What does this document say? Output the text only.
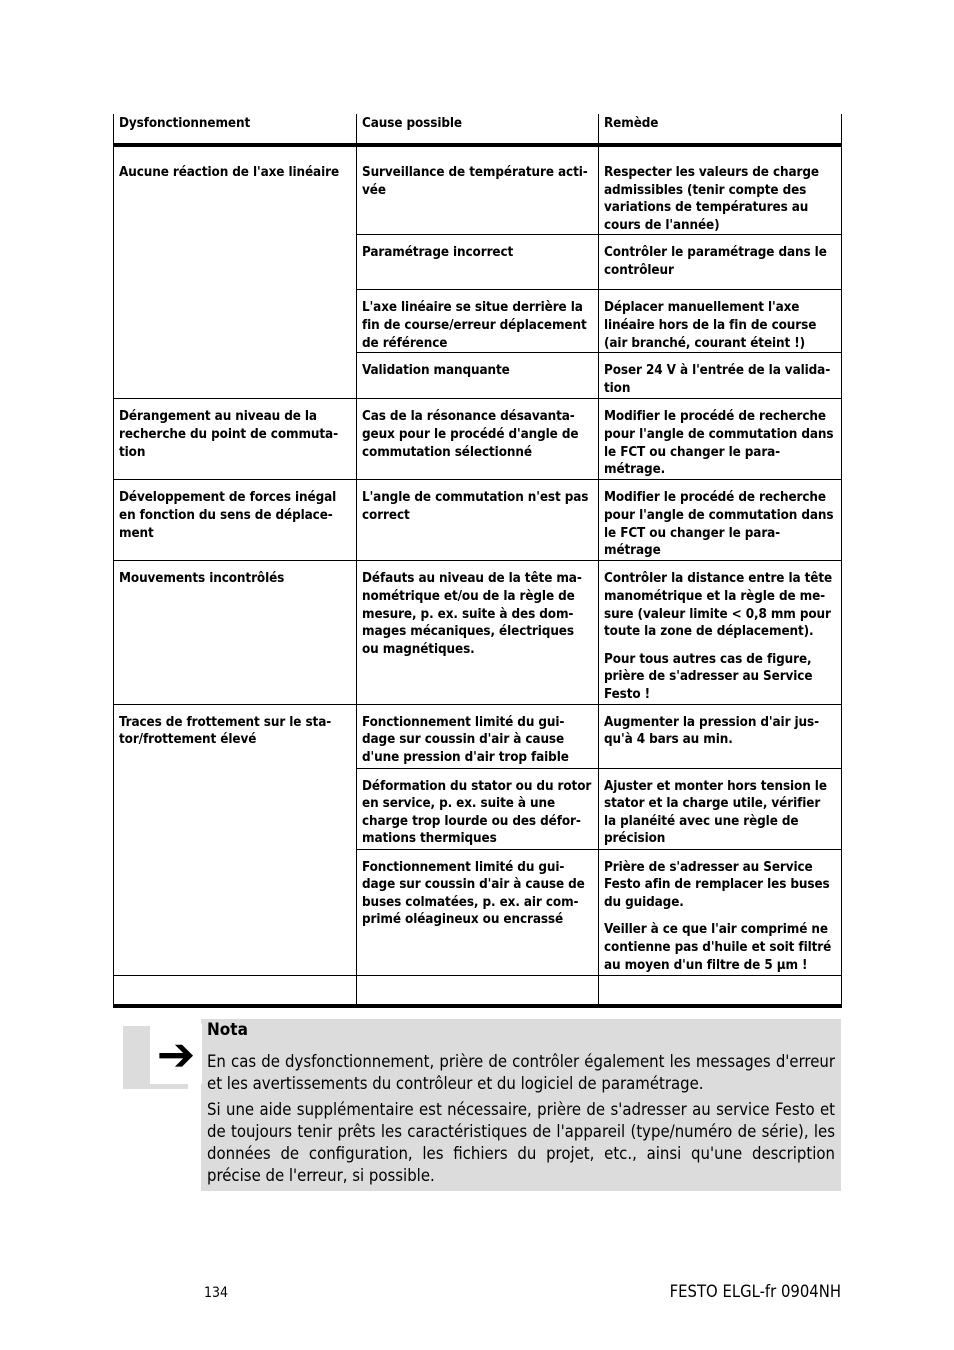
Dysfonctionnement	Cause possible	Remède
Aucune réaction de l'axe linéaire	Surveillance de température acti-vée	Respecter les valeurs de charge admissibles (tenir compte des variations de températures au cours de l'année)

	Paramétrage incorrect	Contrôler le paramétrage dans le contrôleur

	L'axe linéaire se situe derrière la fin de course/erreur déplacement de référence	Déplacer manuellement l'axe linéaire hors de la fin de course (air branché, courant éteint !)

	Validation manquante	Poser 24 V à l'entrée de la valida-tion

Dérangement au niveau de la recherche du point de commuta-tion	Cas de la résonance désavanta-geux pour le procédé d'angle de commutation sélectionné	Modifier le procédé de recherche pour l'angle de commutation dans le FCT ou changer le para-métrage.

Développement de forces inégal en fonction du sens de déplace-ment	L'angle de commutation n'est pas correct	Modifier le procédé de recherche pour l'angle de commutation dans le FCT ou changer le para-métrage

Mouvements incontrôlés	Défauts au niveau de la tête ma-nométrique et/ou de la règle de mesure, p. ex. suite à des dom-mages mécaniques, électriques ou magnétiques.	Contrôler la distance entre la tête manométrique et la règle de me-sure (valeur limite < 0,8 mm pour toute la zone de déplacement).

Pour tous autres cas de figure, prière de s'adresser au Service Festo !

Traces de frottement sur le sta-tor/frottement élevé	Fonctionnement limité du gui-dage sur coussin d'air à cause d'une pression d'air trop faible	Augmenter la pression d'air jus-qu'à 4 bars au min.

	Déformation du stator ou du rotor en service, p. ex. suite à une charge trop lourde ou des défor-mations thermiques	Ajuster et monter hors tension le stator et la charge utile, vérifier la planéité avec une règle de précision

	Fonctionnement limité du gui-dage sur coussin d'air à cause de buses colmatées, p. ex. air com-primé oléagineux ou encrassé	Prière de s'adresser au Service Festo afin de remplacer les buses du guidage.

Veiller à ce que l'air comprimé ne contienne pas d'huile et soit filtré au moyen d'un filtre de 5 µm !

➔ Nota

En cas de dysfonctionnement, prière de contrôler également les messages d'erreur et les avertissements du contrôleur et du logiciel de paramétrage.

Si une aide supplémentaire est nécessaire, prière de s'adresser au service Festo et de toujours tenir prêts les caractéristiques de l'appareil (type/numéro de série), les données de configuration, les fichiers du projet, etc., ainsi qu'une description précise de l'erreur, si possible.

134	FESTO ELGL-fr 0904NH
